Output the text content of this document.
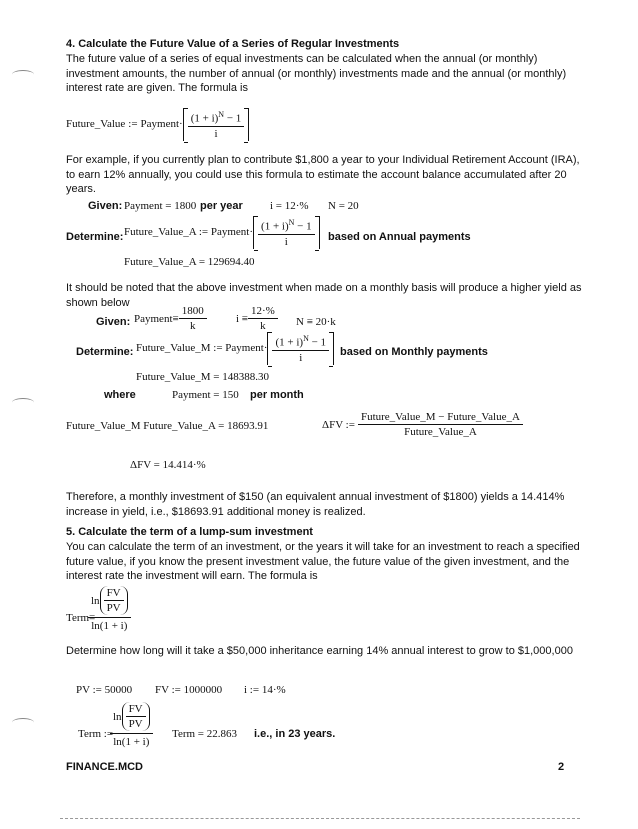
4. Calculate the Future Value of a Series of Regular Investments
The future value of a series of equal investments can be calculated when the annual (or monthly) investment amounts, the number of annual (or monthly) investments made and the annual (or monthly) interest rate are given. The formula is
Future_Value := Payment· $\frac{(1 + i)^N - 1}{i}$
For example, if you currently plan to contribute $1,800 a year to your Individual Retirement Account (IRA), to earn 12% annually, you could use this formula to estimate the account balance accumulated after 20 years.
Given: Payment = 1800 per year i = 12·% N = 20
Determine: Future_Value_A := Payment· $\frac{(1 + i)^N - 1}{i}$ based on Annual payments
Future_Value_A = 129694.40
It should be noted that the above investment when made on a monthly basis will produce a higher yield as shown below
Given: Payment≡ $\frac{1800}{k}$	$i \equiv \frac{12\cdot\%}{k}$ N ≡ 20·k
Determine: Future_Value_M := Payment· $\frac{(1 + i)^N - 1}{i}$ based on Monthly payments
Future_Value_M = 148388.30
where	Payment = 150 per month
Future_Value_M Future_Value_A = 18693.91	ΔFV := $\frac{\text{Future\_Value\_M − Future\_Value\_A}}{\text{Future\_Value\_A}}$
ΔFV = 14.414·%
Therefore, a monthly investment of $150 (an equivalent annual investment of $1800) yields a 14.414% increase in yield, i.e., $18693.91 additional money is realized.
5. Calculate the term of a lump-sum investment
You can calculate the term of an investment, or the years it will take for an investment to reach a specified future value, if you know the present investment value, the future value of the given investment, and the interest rate the investment will earn. The formula is
Term≡
$\frac{\ln \frac{FV}{PV}}{\ln(1 + i)}$
Determine how long will it take a $50,000 inheritance earning 14% annual interest to grow to $1,000,000
PV := 50000 FV := 1000000 i := 14·%
Term :=
$\frac{\ln \frac{FV}{PV}}{\ln(1 + i)}$ Term = 22.863 i.e., in 23 years.
FINANCE.MCD	2
